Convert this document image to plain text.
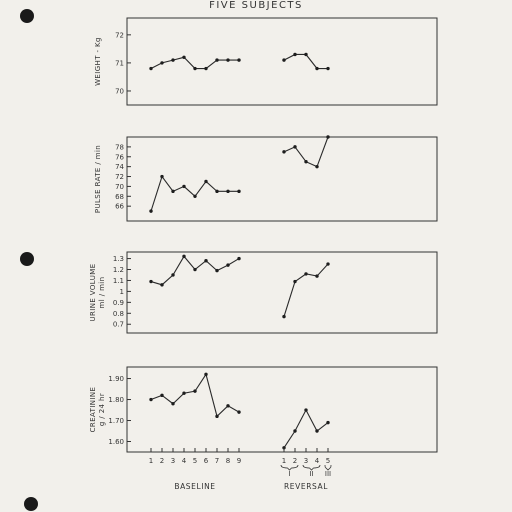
FIVE SUBJECTS
70
71
72
WEIGHT - Kg
66
68
70
72
74
76
78
PULSE RATE / min
0.7
0.8
0.9
1
1.1
1.2
1.3
URINE VOLUME ml / min
1.60
1.70
1.80
1.90
CREATININE g / 24 hr
1 2 3 4 5 6 7 8 9	1 2 3 4 5
I	II III
BASELINE	REVERSAL
